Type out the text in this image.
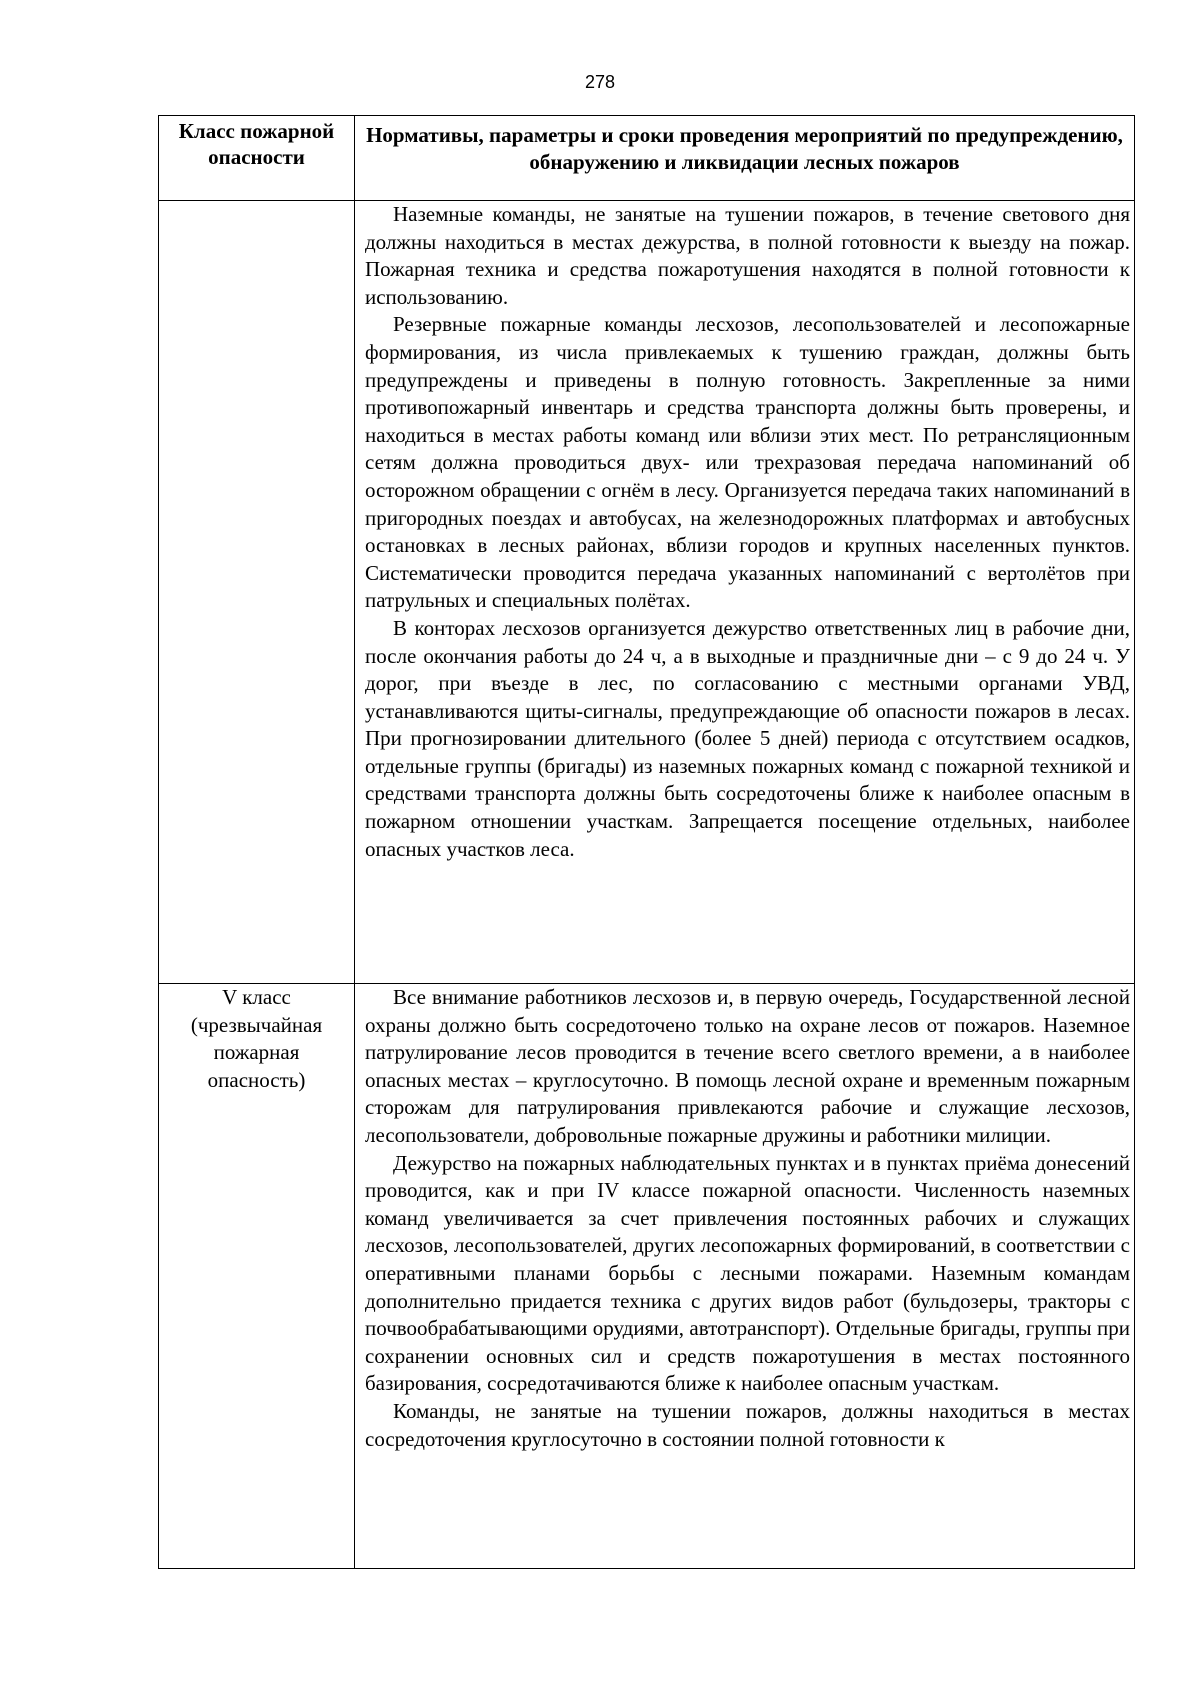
278
Класс пожарной опасности	Нормативы, параметры и сроки проведения мероприятий по предупреждению, обнаружению и ликвидации лесных пожаров

	Наземные команды, не занятые на тушении пожаров, в течение светового дня должны находиться в местах дежурства, в полной готовности к выезду на пожар. Пожарная техника и средства пожаротушения находятся в полной готовности к использованию.

Резервные пожарные команды лесхозов, лесопользователей и лесопожарные формирования, из числа привлекаемых к тушению граждан, должны быть предупреждены и приведены в полную готовность. Закрепленные за ними противопожарный инвентарь и средства транспорта должны быть проверены, и находиться в местах работы команд или вблизи этих мест. По ретрансляционным сетям должна проводиться двух- или трехразовая передача напоминаний об осторожном обращении с огнём в лесу. Организуется передача таких напоминаний в пригородных поездах и автобусах, на железнодорожных платформах и автобусных остановках в лесных районах, вблизи городов и крупных населенных пунктов. Систематически проводится передача указанных напоминаний с вертолётов при патрульных и специальных полётах.

В конторах лесхозов организуется дежурство ответственных лиц в рабочие дни, после окончания работы до 24 ч, а в выходные и праздничные дни – с 9 до 24 ч. У дорог, при въезде в лес, по согласованию с местными органами УВД, устанавливаются щиты-сигналы, предупреждающие об опасности пожаров в лесах. При прогнозировании длительного (более 5 дней) периода с отсутствием осадков, отдельные группы (бригады) из наземных пожарных команд с пожарной техникой и средствами транспорта должны быть сосредоточены ближе к наиболее опасным в пожарном отношении участкам. Запрещается посещение отдельных, наиболее опасных участков леса.

V класс (чрезвычайная пожарная опасность)	Все внимание работников лесхозов и, в первую очередь, Государственной лесной охраны должно быть сосредоточено только на охране лесов от пожаров. Наземное патрулирование лесов проводится в течение всего светлого времени, а в наиболее опасных местах – круглосуточно. В помощь лесной охране и временным пожарным сторожам для патрулирования привлекаются рабочие и служащие лесхозов, лесопользователи, добровольные пожарные дружины и работники милиции.

Дежурство на пожарных наблюдательных пунктах и в пунктах приёма донесений проводится, как и при IV классе пожарной опасности. Численность наземных команд увеличивается за счет привлечения постоянных рабочих и служащих лесхозов, лесопользователей, других лесопожарных формирований, в соответствии с оперативными планами борьбы с лесными пожарами. Наземным командам дополнительно придается техника с других видов работ (бульдозеры, тракторы с почвообрабатывающими орудиями, автотранспорт). Отдельные бригады, группы при сохранении основных сил и средств пожаротушения в местах постоянного базирования, сосредотачиваются ближе к наиболее опасным участкам.

Команды, не занятые на тушении пожаров, должны находиться в местах сосредоточения круглосуточно в состоянии полной готовности к
